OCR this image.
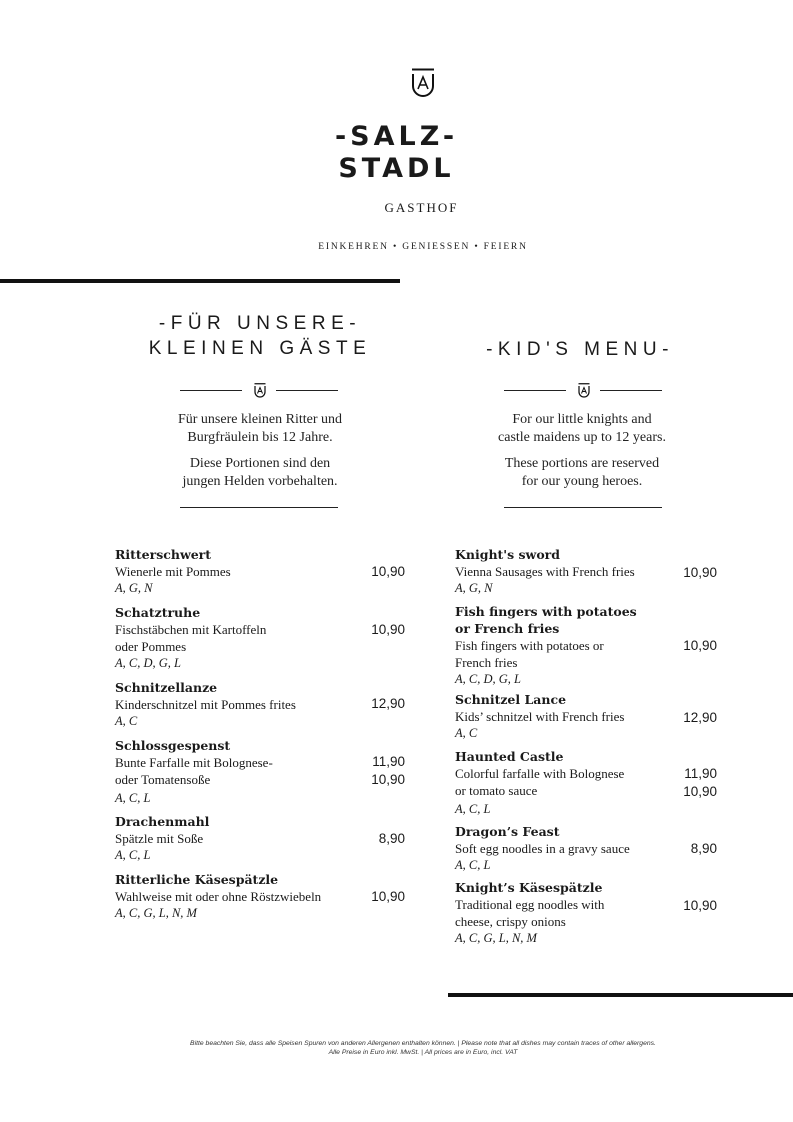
-SALZ-
STADL
GASTHOF
EINKEHREN • GENIESSEN • FEIERN
-FÜR UNSERE-
KLEINEN GÄSTE

Für unsere kleinen Ritter und
Burgfräulein bis 12 Jahre.

Diese Portionen sind den
jungen Helden vorbehalten.

Ritterschwert
Wienerle mit Pommes
A, G, N
10,90
Schatztruhe
Fischstäbchen mit Kartoffeln
oder Pommes
A, C, D, G, L
10,90
Schnitzellanze
Kinderschnitzel mit Pommes frites
A, C
12,90
Schlossgespenst
Bunte Farfalle mit Bolognese-
oder Tomatensoße
A, C, L
11,90
10,90
Drachenmahl
Spätzle mit Soße
A, C, L
8,90
Ritterliche Käsespätzle
Wahlweise mit oder ohne Röstzwiebeln
A, C, G, L, N, M
10,90
-KID'S MENU-

For our little knights and
castle maidens up to 12 years.

These portions are reserved
for our young heroes.

Knight's sword
Vienna Sausages with French fries
A, G, N
10,90
Fish fingers with potatoes
or French fries
Fish fingers with potatoes or
French fries
A, C, D, G, L
10,90
Schnitzel Lance
Kids’ schnitzel with French fries
A, C
12,90
Haunted Castle
Colorful farfalle with Bolognese
or tomato sauce
A, C, L
11,90
10,90
Dragon’s Feast
Soft egg noodles in a gravy sauce
A, C, L
8,90
Knight’s Käsespätzle
Traditional egg noodles with
cheese, crispy onions
A, C, G, L, N, M
10,90
Bitte beachten Sie, dass alle Speisen Spuren von anderen Allergenen enthalten können. | Please note that all dishes may contain traces of other allergens.
Alle Preise in Euro inkl. MwSt. | All prices are in Euro, incl. VAT
